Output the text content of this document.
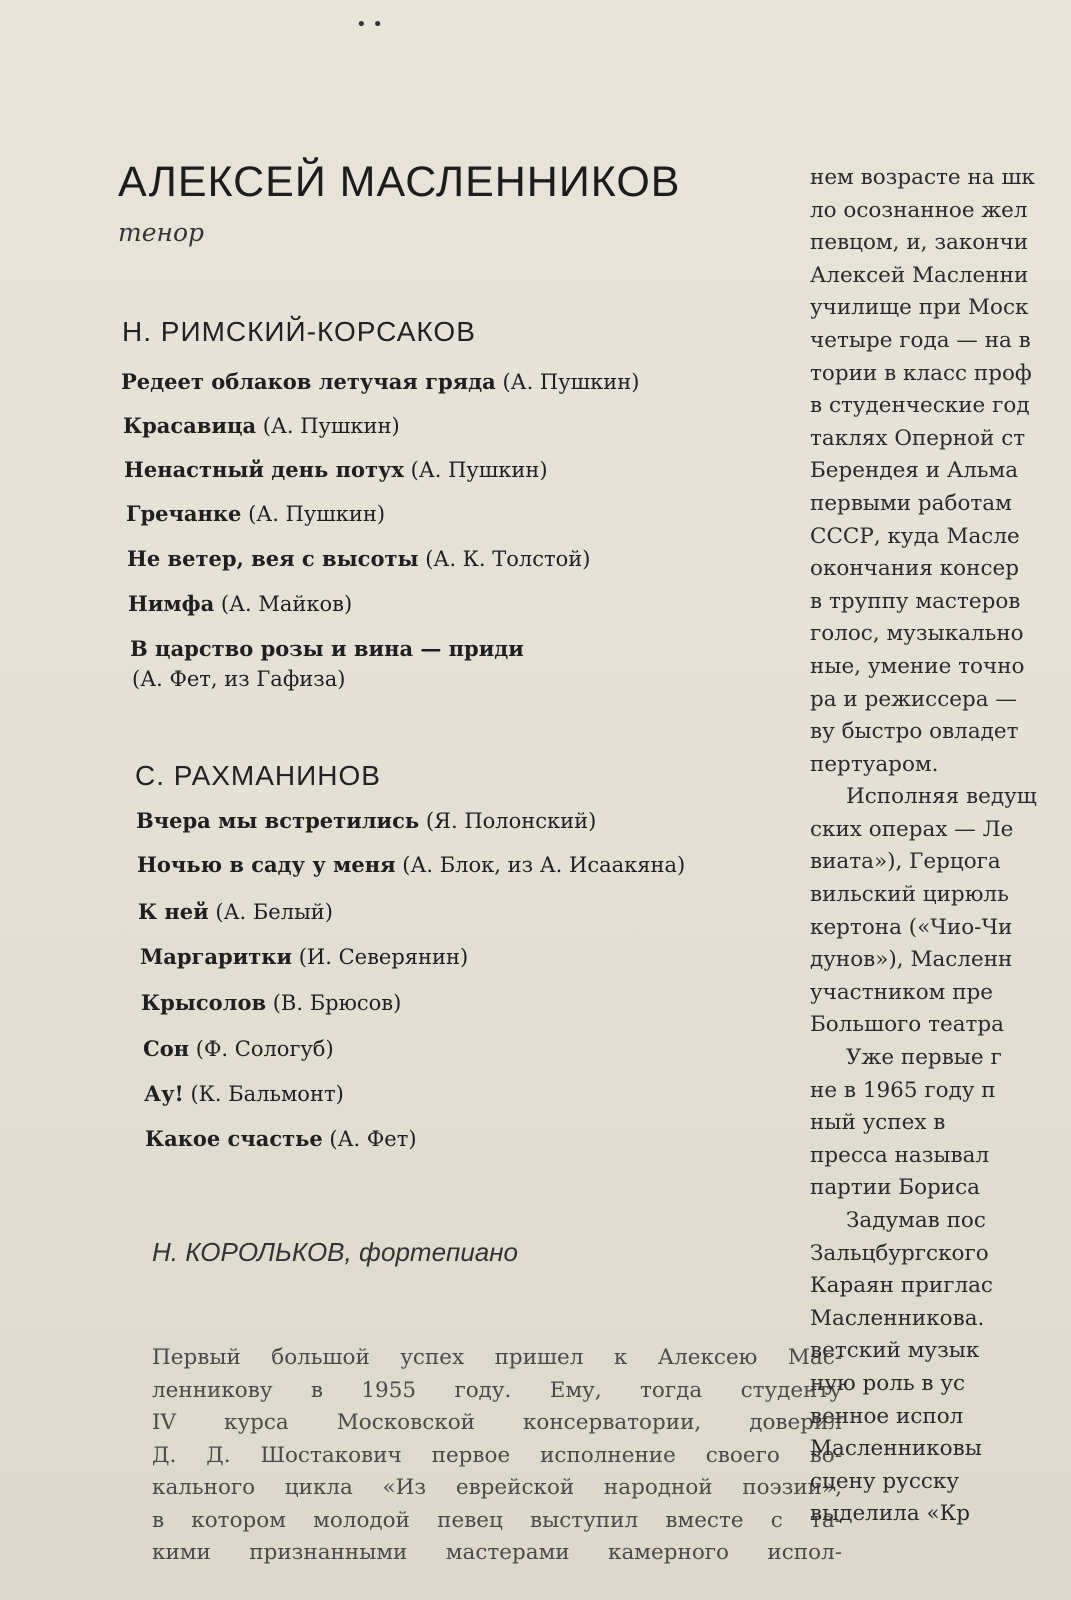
• •
АЛЕКСЕЙ МАСЛЕННИКОВ
тенор
Н. РИМСКИЙ-КОРСАКОВ
Редеет облаков летучая гряда (А. Пушкин)
Красавица (А. Пушкин)
Ненастный день потух (А. Пушкин)
Гречанке (А. Пушкин)
Не ветер, вея с высоты (А. К. Толстой)
Нимфа (А. Майков)
В царство розы и вина — приди
(А. Фет, из Гафиза)
С. РАХМАНИНОВ
Вчера мы встретились (Я. Полонский)
Ночью в саду у меня (А. Блок, из А. Исаакяна)
К ней (А. Белый)
Маргаритки (И. Северянин)
Крысолов (В. Брюсов)
Сон (Ф. Сологуб)
Ау! (К. Бальмонт)
Какое счастье (А. Фет)
Н. КОРОЛЬКОВ, фортепиано
Первый большой успех пришел к Алексею Мас-
ленникову в 1955 году. Ему, тогда студенту
IV курса Московской консерватории, доверил
Д. Д. Шостакович первое исполнение своего во-
кального цикла «Из еврейской народной поэзии»,
в котором молодой певец выступил вместе с та-
кими признанными мастерами камерного испол-
нем возрасте на шк
ло осознанное жел
певцом, и, закончи
Алексей Масленни
училище при Моск
четыре года — на в
тории в класс проф
в студенческие год
таклях Оперной ст
Берендея и Альма
первыми работам
СССР, куда Масле
окончания консер
в труппу мастеров
голос, музыкально
ные, умение точно
ра и режиссера —
ву быстро овладет
пертуаром.
Исполняя ведущ
ских операх — Ле
виата»), Герцога
вильский цирюль
кертона («Чио-Чи
дунов»), Масленн
участником пре
Большого театра
Уже первые г
не в 1965 году п
ный успех в
пресса называл
партии Бориса
Задумав пос
Зальцбургского
Караян приглас
Масленникова.
ветский музык
ную роль в ус
венное испол
Масленниковы
сцену русску
выделила «Кр
